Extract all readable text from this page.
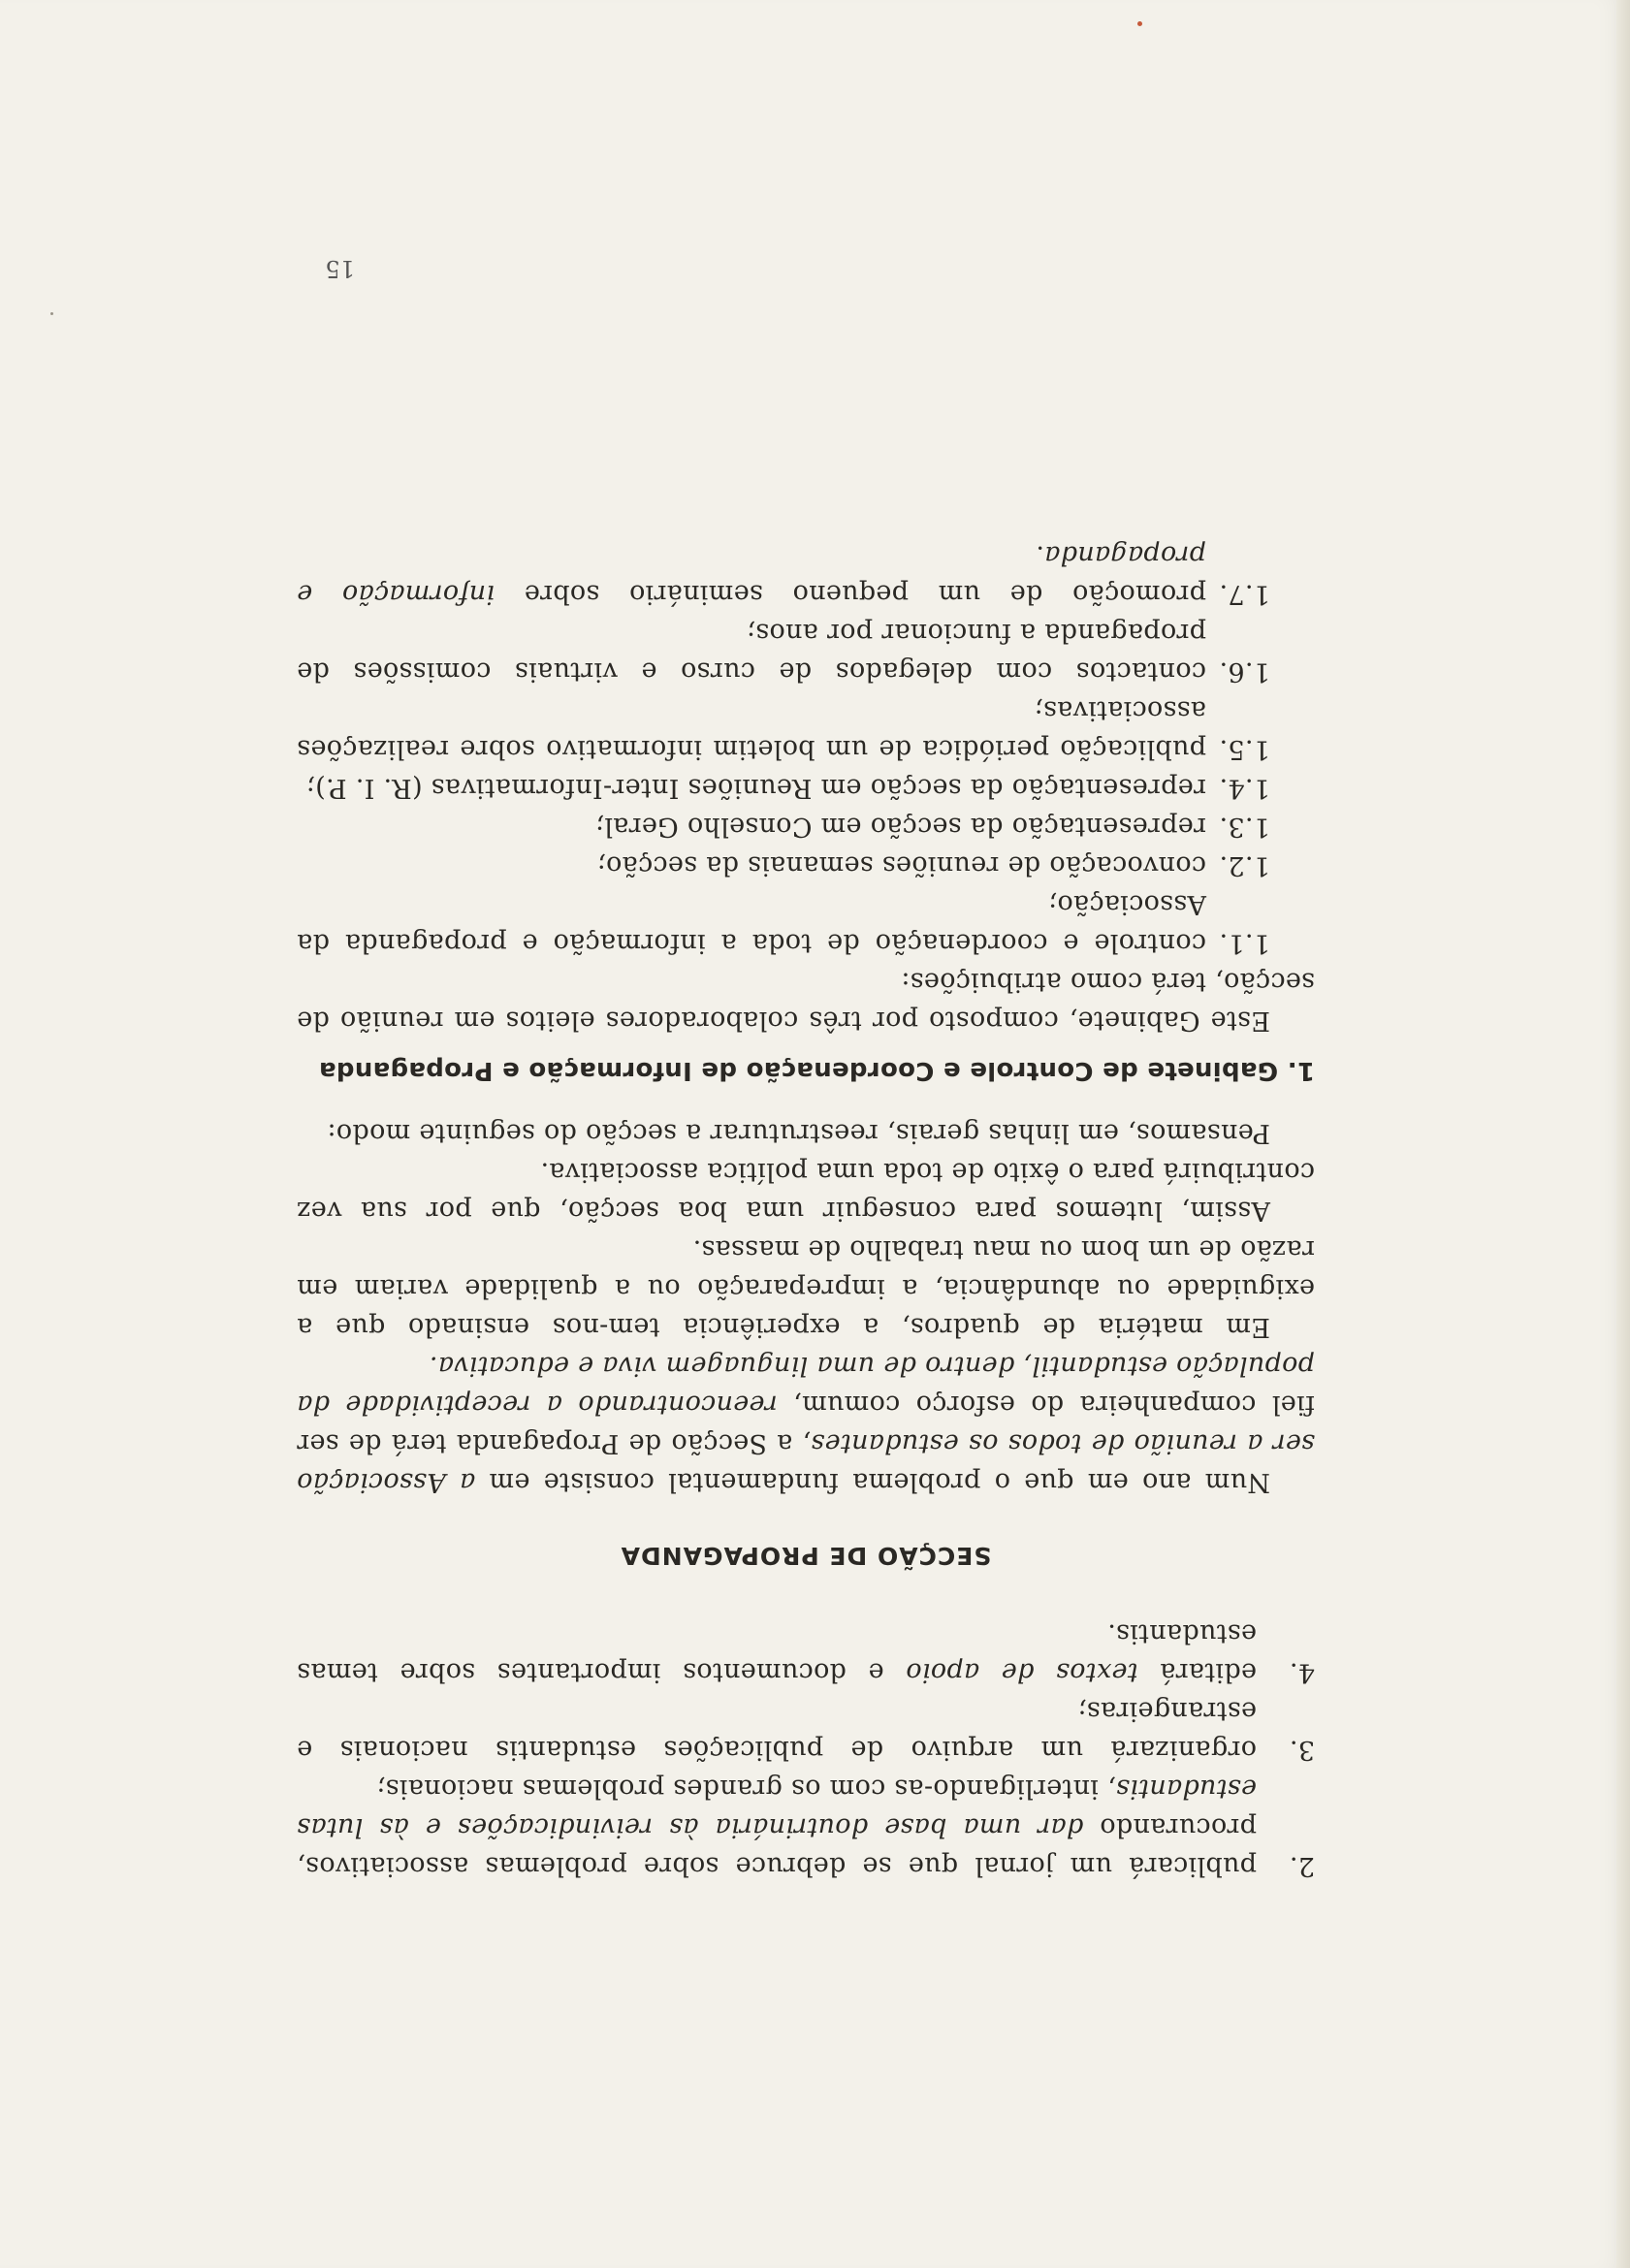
15
2.
publicará um jornal que se debruce sobre problemas associativos, procurando dar uma base doutrinária às reivindicações e às lutas estudantis, interligando-as com os grandes problemas nacionais;
3.
organizará um arquivo de publicações estudantis nacionais e estrangeiras;
4.
editará textos de apoio e documentos importantes sobre temas estudantis.
SECÇÃO DE PROPAGANDA

Num ano em que o problema fundamental consiste em a Associação ser a reunião de todos os estudantes, a Secção de Propaganda terá de ser fiel companheira do esforço comum, reencontrando a receptividade da população estudantil, dentro de uma linguagem viva e educativa.

Em matéria de quadros, a experiência tem-nos ensinado que a exiguidade ou abundância, a impreparação ou a qualidade variam em razão de um bom ou mau trabalho de massas.

Assim, lutemos para conseguir uma boa secção, que por sua vez contribuirá para o êxito de toda uma política associativa.

Pensamos, em linhas gerais, reestruturar a secção do seguinte modo:

1. Gabinete de Controle e Coordenação de Informação e Propaganda

Este Gabinete, composto por três colaboradores eleitos em reunião de secção, terá como atribuições:

1.1.
controle e coordenação de toda a informação e propaganda da Associação;
1.2.
convocação de reuniões semanais da secção;
1.3.
representação da secção em Conselho Geral;
1.4.
representação da secção em Reuniões Inter-Informativas (R. I. P.);
1.5.
publicação periódica de um boletim informativo sobre realizações associativas;
1.6.
contactos com delegados de curso e virtuais comissões de propaganda a funcionar por anos;
1.7.
promoção de um pequeno seminário sobre informação e propaganda.
